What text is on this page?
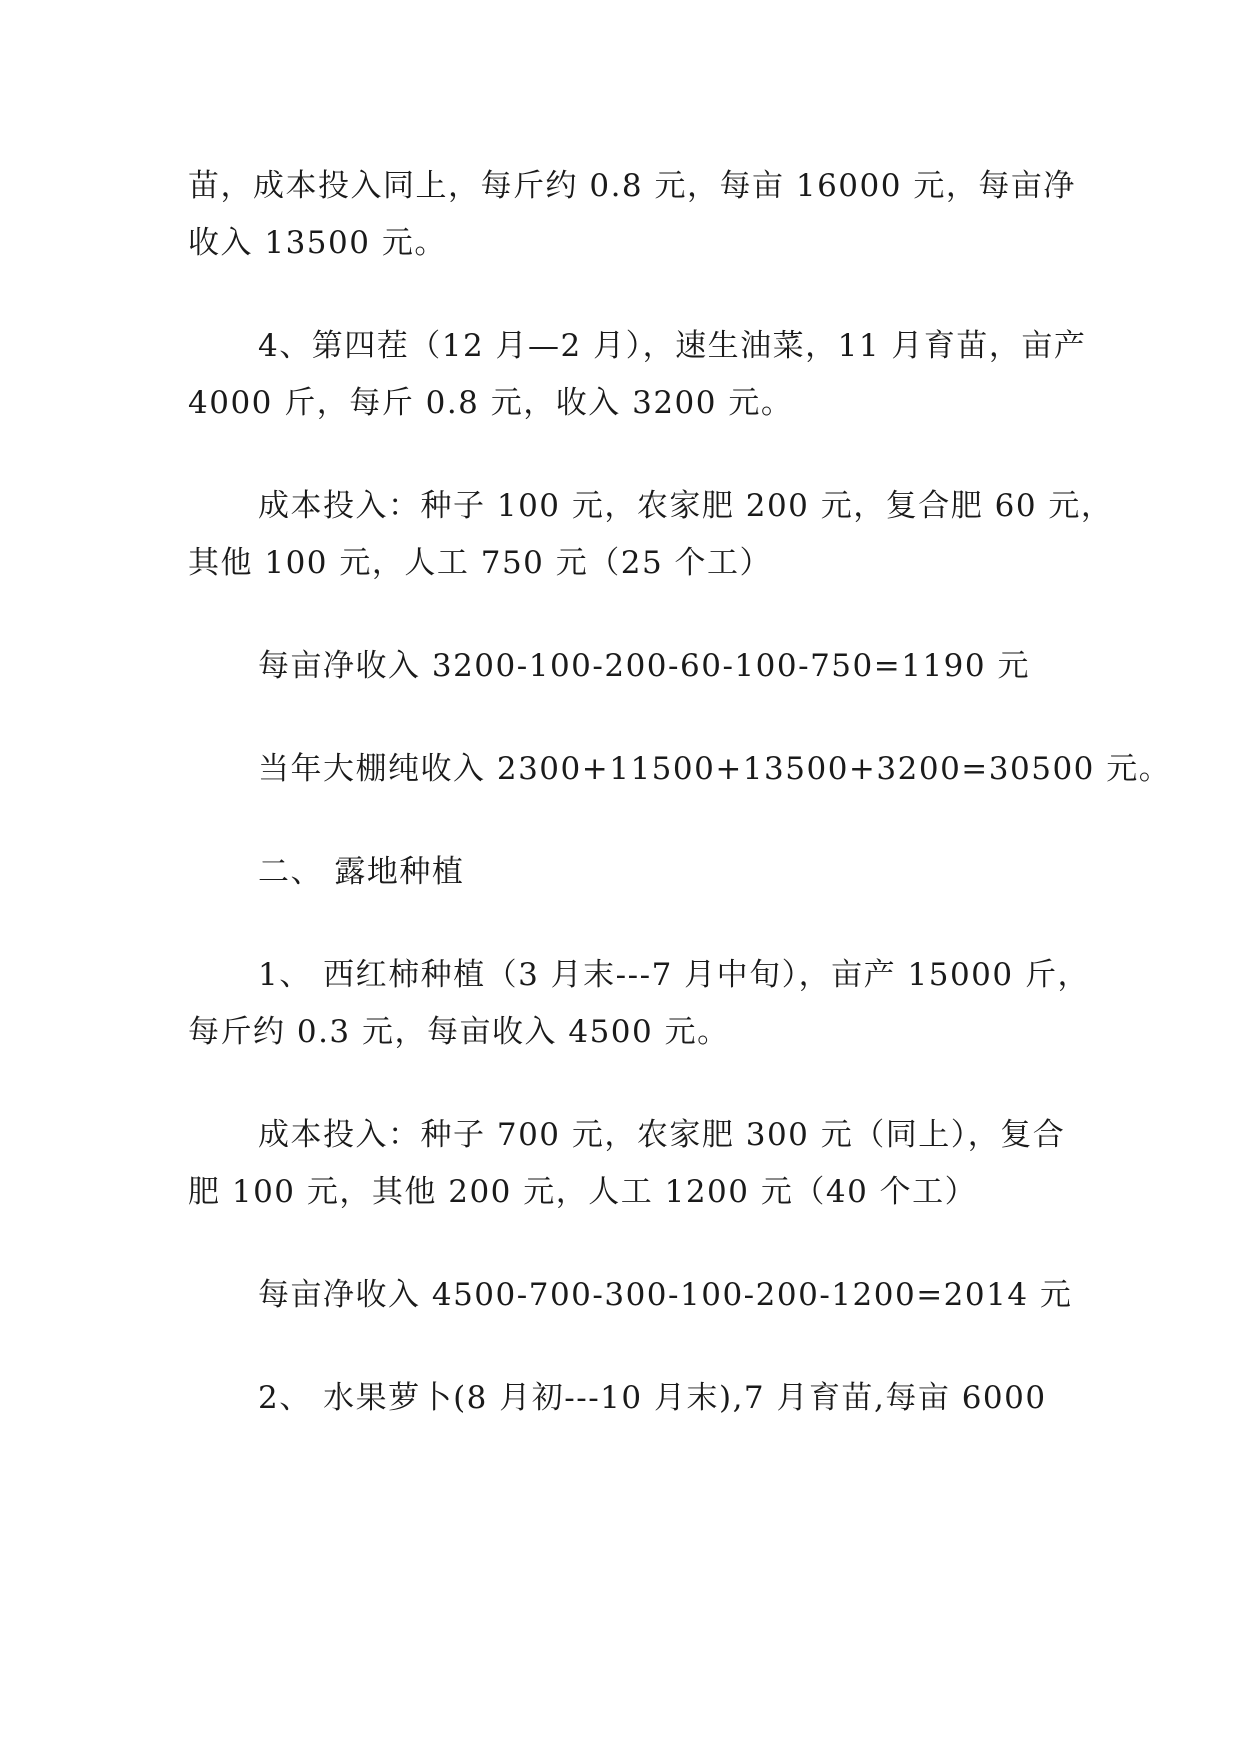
苗，成本投入同上，每斤约 0.8 元，每亩 16000 元，每亩净
收入 13500 元。
4、第四茬（12 月—2 月），速生油菜，11 月育苗，亩产
4000 斤，每斤 0.8 元，收入 3200 元。
成本投入：种子 100 元，农家肥 200 元，复合肥 60 元，
其他 100 元，人工 750 元（25 个工）
每亩净收入 3200-100-200-60-100-750=1190 元
当年大棚纯收入 2300+11500+13500+3200=30500 元。
二、 露地种植
1、 西红柿种植（3 月末---7 月中旬），亩产 15000 斤，
每斤约 0.3 元，每亩收入 4500 元。
成本投入：种子 700 元，农家肥 300 元（同上），复合
肥 100 元，其他 200 元，人工 1200 元（40 个工）
每亩净收入 4500-700-300-100-200-1200=2014 元
2、 水果萝卜(8 月初---10 月末),7 月育苗,每亩 6000
